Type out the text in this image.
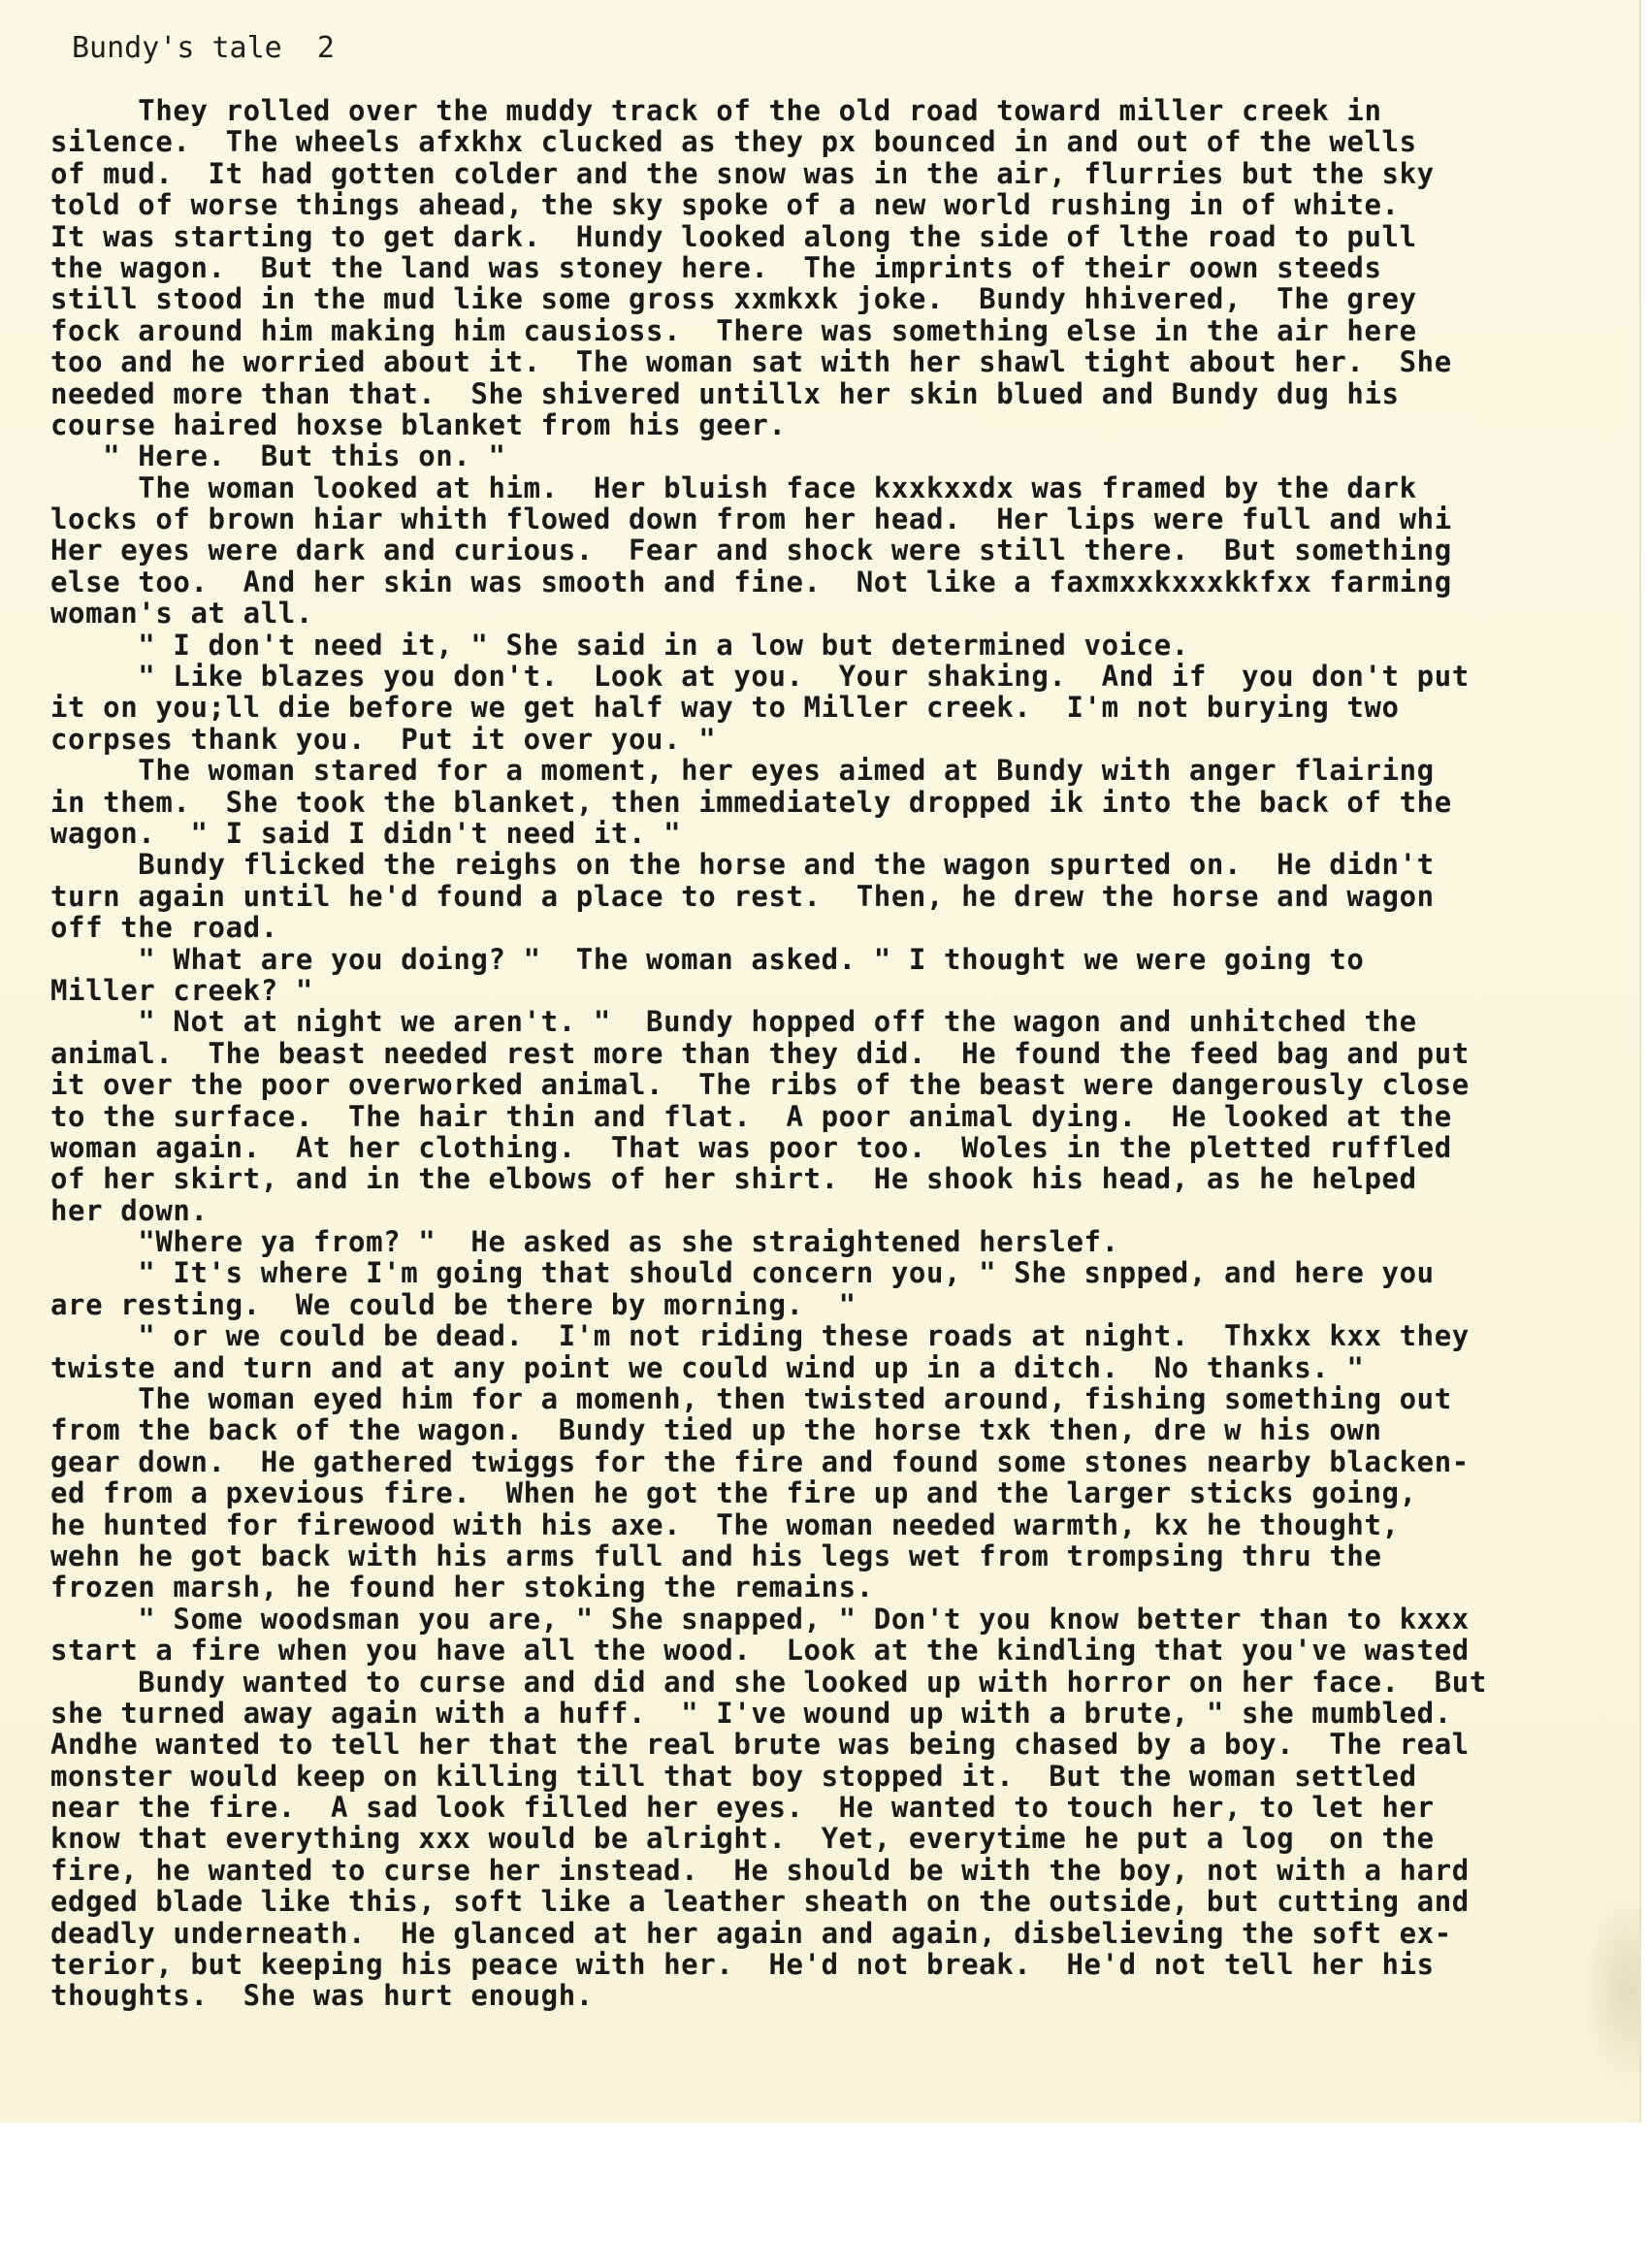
Bundy's tale  2
They rolled over the muddy track of the old road toward miller creek in
silence.  The wheels afxkhx clucked as they px bounced in and out of the wells
of mud.  It had gotten colder and the snow was in the air, flurries but the sky
told of worse things ahead, the sky spoke of a new world rushing in of white.
It was starting to get dark.  Hundy looked along the side of lthe road to pull
the wagon.  But the land was stoney here.  The imprints of their oown steeds
still stood in the mud like some gross xxmkxk joke.  Bundy hhivered,  The grey
fock around him making him causioss.  There was something else in the air here
too and he worried about it.  The woman sat with her shawl tight about her.  She
needed more than that.  She shivered untillx her skin blued and Bundy dug his
course haired hoxse blanket from his geer.
" Here.  But this on. "
The woman looked at him.  Her bluish face kxxkxxdx was framed by the dark
locks of brown hiar whith flowed down from her head.  Her lips were full and whi
Her eyes were dark and curious.  Fear and shock were still there.  But something
else too.  And her skin was smooth and fine.  Not like a faxmxxkxxxkkfxx farming
woman's at all.
" I don't need it, " She said in a low but determined voice.
" Like blazes you don't.  Look at you.  Your shaking.  And if  you don't put
it on you;ll die before we get half way to Miller creek.  I'm not burying two
corpses thank you.  Put it over you. "
The woman stared for a moment, her eyes aimed at Bundy with anger flairing
in them.  She took the blanket, then immediately dropped ik into the back of the
wagon.  " I said I didn't need it. "
Bundy flicked the reighs on the horse and the wagon spurted on.  He didn't
turn again until he'd found a place to rest.  Then, he drew the horse and wagon
off the road.
" What are you doing? "  The woman asked. " I thought we were going to
Miller creek? "
" Not at night we aren't. "  Bundy hopped off the wagon and unhitched the
animal.  The beast needed rest more than they did.  He found the feed bag and put
it over the poor overworked animal.  The ribs of the beast were dangerously close
to the surface.  The hair thin and flat.  A poor animal dying.  He looked at the
woman again.  At her clothing.  That was poor too.  Woles in the pletted ruffled
of her skirt, and in the elbows of her shirt.  He shook his head, as he helped
her down.
"Where ya from? "  He asked as she straightened herslef.
" It's where I'm going that should concern you, " She snpped, and here you
are resting.  We could be there by morning.  "
" or we could be dead.  I'm not riding these roads at night.  Thxkx kxx they
twiste and turn and at any point we could wind up in a ditch.  No thanks. "
The woman eyed him for a momenh, then twisted around, fishing something out
from the back of the wagon.  Bundy tied up the horse txk then, dre w his own
gear down.  He gathered twiggs for the fire and found some stones nearby blacken-
ed from a pxevious fire.  When he got the fire up and the larger sticks going,
he hunted for firewood with his axe.  The woman needed warmth, kx he thought,
wehn he got back with his arms full and his legs wet from trompsing thru the
frozen marsh, he found her stoking the remains.
" Some woodsman you are, " She snapped, " Don't you know better than to kxxx
start a fire when you have all the wood.  Look at the kindling that you've wasted
Bundy wanted to curse and did and she looked up with horror on her face.  But
she turned away again with a huff.  " I've wound up with a brute, " she mumbled.
Andhe wanted to tell her that the real brute was being chased by a boy.  The real
monster would keep on killing till that boy stopped it.  But the woman settled
near the fire.  A sad look filled her eyes.  He wanted to touch her, to let her
know that everything xxx would be alright.  Yet, everytime he put a log  on the
fire, he wanted to curse her instead.  He should be with the boy, not with a hard
edged blade like this, soft like a leather sheath on the outside, but cutting and
deadly underneath.  He glanced at her again and again, disbelieving the soft ex-
terior, but keeping his peace with her.  He'd not break.  He'd not tell her his
thoughts.  She was hurt enough.
